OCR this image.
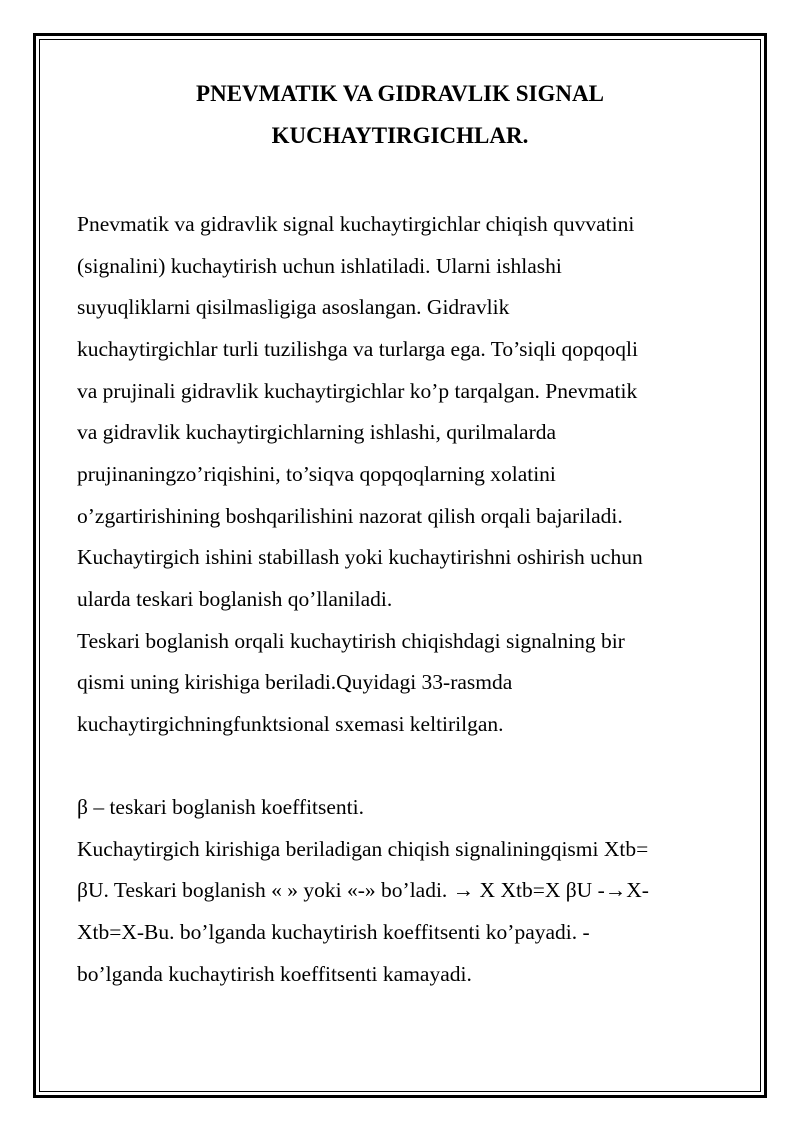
PNEVMATIK VA GIDRAVLIK SIGNAL
KUCHAYTIRGICHLAR.
Pnevmatik va gidravlik signal kuchaytirgichlar chiqish quvvatini
(signalini) kuchaytirish uchun ishlatiladi. Ularni ishlashi
suyuqliklarni qisilmasligiga asoslangan. Gidravlik
kuchaytirgichlar turli tuzilishga va turlarga ega. To’siqli qopqoqli
va prujinali gidravlik kuchaytirgichlar ko’p tarqalgan. Pnevmatik
va gidravlik kuchaytirgichlarning ishlashi, qurilmalarda
prujinaningzo’riqishini, to’siqva qopqoqlarning xolatini
o’zgartirishining boshqarilishini nazorat qilish orqali bajariladi.
Kuchaytirgich ishini stabillash yoki kuchaytirishni oshirish uchun
ularda teskari boglanish qo’llaniladi.
Teskari boglanish orqali kuchaytirish chiqishdagi signalning bir
qismi uning kirishiga beriladi.Quyidagi 33-rasmda
kuchaytirgichningfunktsional sxemasi keltirilgan.
β – teskari boglanish koeffitsenti.
Kuchaytirgich kirishiga beriladigan chiqish signaliningqismi Xtb=
βU. Teskari boglanish « » yoki «-» bo’ladi. → X Xtb=X βU -→X-
Xtb=X-Bu. bo’lganda kuchaytirish koeffitsenti ko’payadi. -
bo’lganda kuchaytirish koeffitsenti kamayadi.
